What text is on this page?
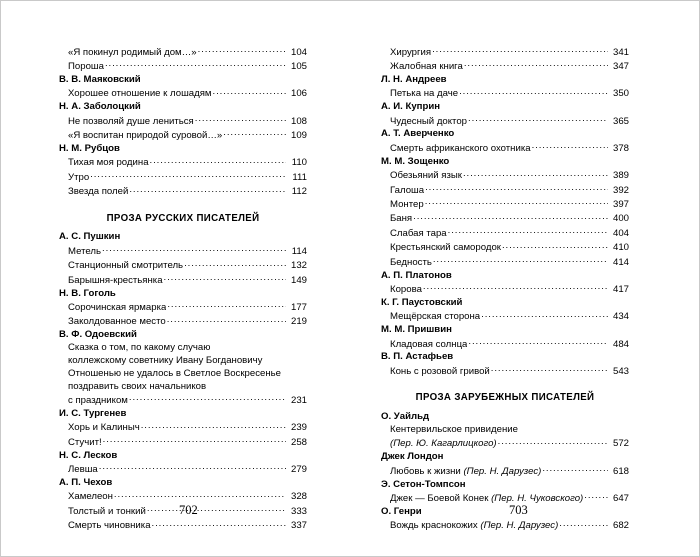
«Я покинул родимый дом…» .....	104
Пороша .....	105
В. В. Маяковский
Хорошее отношение к лошадям .....	106
Н. А. Заболоцкий
Не позволяй душе лениться .....	108
«Я воспитан природой суровой…» .....	109
Н. М. Рубцов
Тихая моя родина .....	110
Утро .....	111
Звезда полей .....	112
ПРОЗА РУССКИХ ПИСАТЕЛЕЙ
А. С. Пушкин
Метель .....	114
Станционный смотритель .....	132
Барышня-крестьянка .....	149
Н. В. Гоголь
Сорочинская ярмарка .....	177
Заколдованное место .....	219
В. Ф. Одоевский
Сказка о том, по какому случаю
коллежскому советнику Ивану Богдановичу
Отношенью не удалось в Светлое Воскресенье
поздравить своих начальников
с праздником .....	231
И. С. Тургенев
Хорь и Калиныч .....	239
Стучит! .....	258
Н. С. Лесков
Левша .....	279
А. П. Чехов
Хамелеон .....	328
Толстый и тонкий .....	333
Смерть чиновника .....	337
702
Хирургия .....	341
Жалобная книга .....	347
Л. Н. Андреев
Петька на даче .....	350
А. И. Куприн
Чудесный доктор .....	365
А. Т. Аверченко
Смерть африканского охотника .....	378
М. М. Зощенко
Обезьяний язык .....	389
Галоша .....	392
Монтер .....	397
Баня .....	400
Слабая тара .....	404
Крестьянский самородок .....	410
Бедность .....	414
А. П. Платонов
Корова .....	417
К. Г. Паустовский
Мещёрская сторона .....	434
М. М. Пришвин
Кладовая солнца .....	484
В. П. Астафьев
Конь с розовой гривой .....	543
ПРОЗА ЗАРУБЕЖНЫХ ПИСАТЕЛЕЙ
О. Уайльд
Кентервильское привидение
(Пер. Ю. Кагарлицкого) .....	572
Джек Лондон
Любовь к жизни (Пер. Н. Дарузес) .....	618
Э. Сетон-Томпсон
Джек — Боевой Конек (Пер. Н. Чуковского) .....	647
О. Генри
Вождь краснокожих (Пер. Н. Дарузес) .....	682
703
